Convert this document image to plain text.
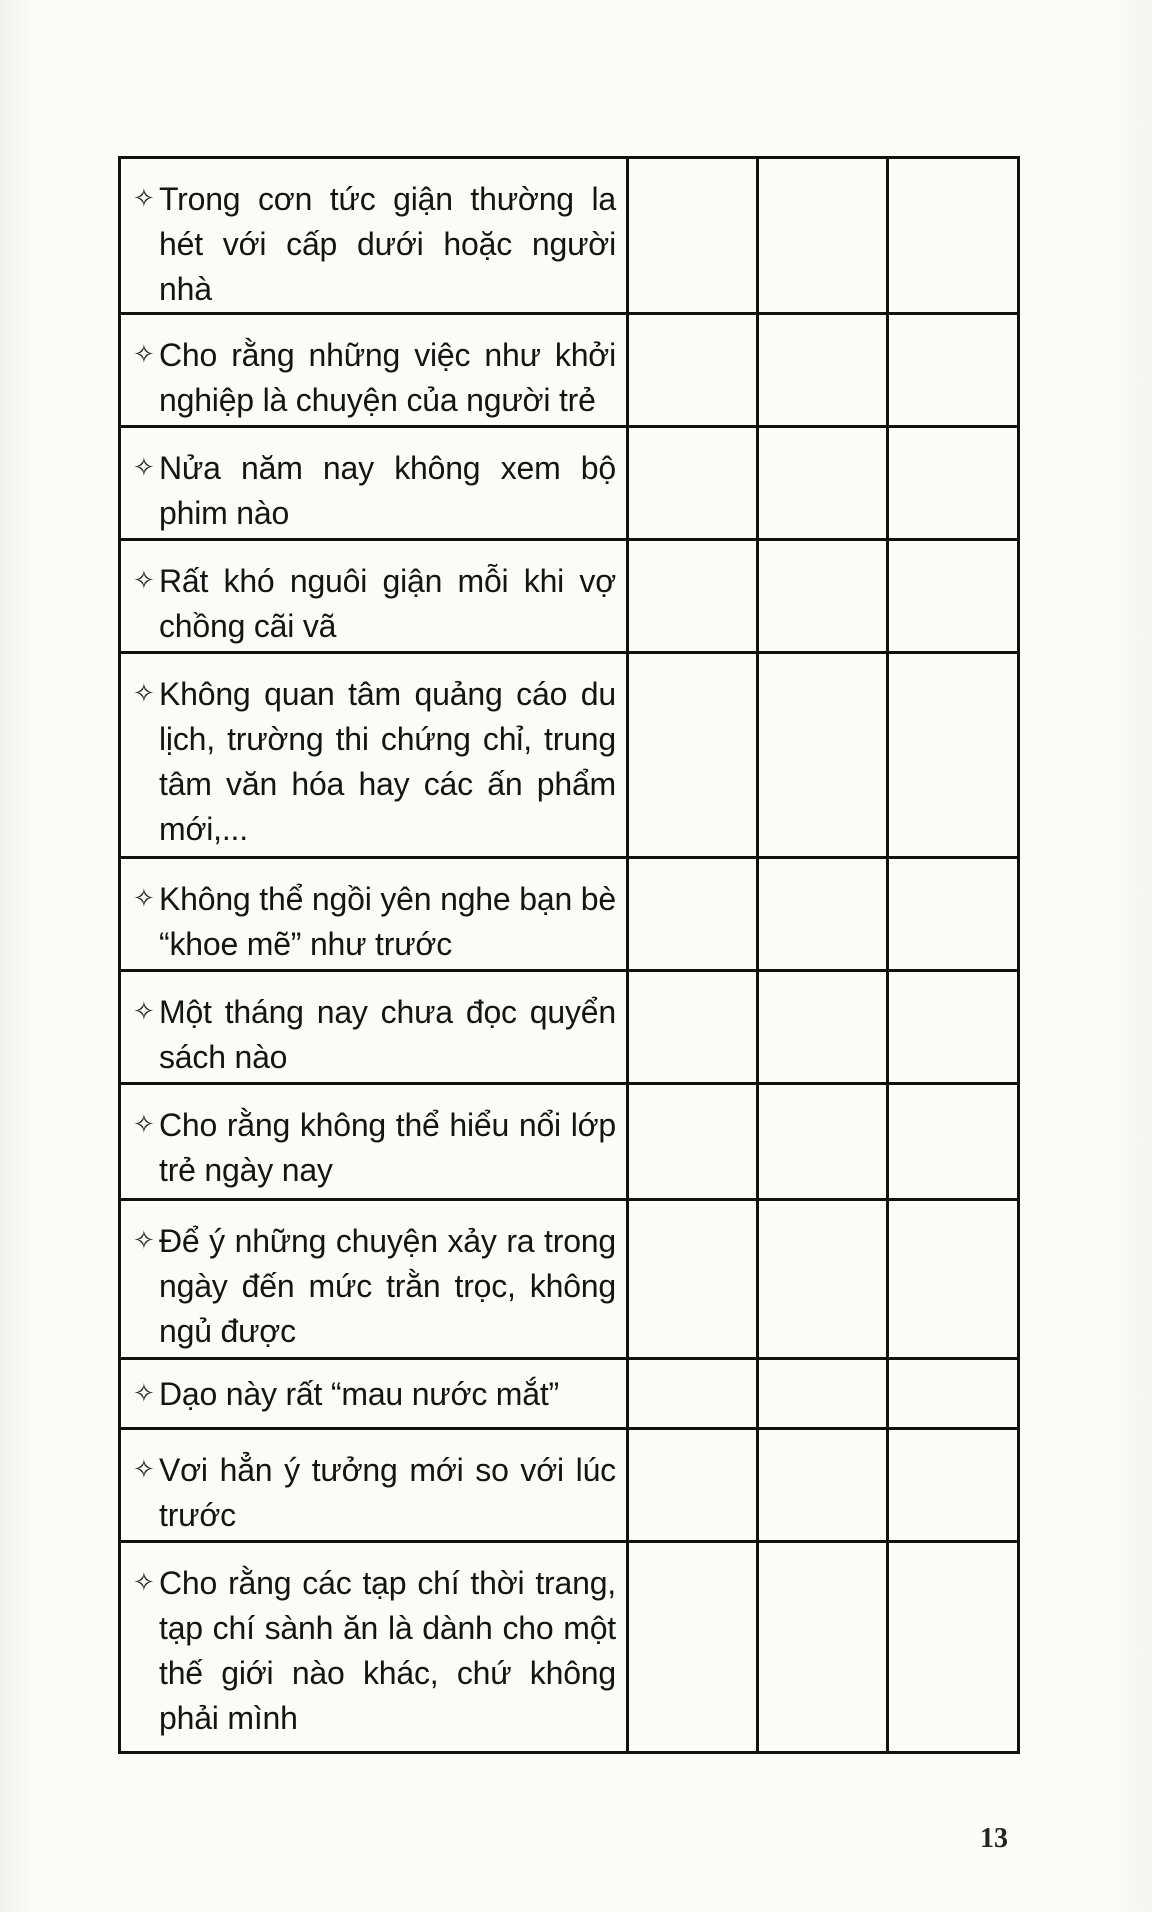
✧ Trong cơn tức giận thường la hét với cấp dưới hoặc người nhà			

✧ Cho rằng những việc như khởi nghiệp là chuyện của người trẻ			

✧ Nửa năm nay không xem bộ phim nào			

✧ Rất khó nguôi giận mỗi khi vợ chồng cãi vã			

✧ Không quan tâm quảng cáo du lịch, trường thi chứng chỉ, trung tâm văn hóa hay các ấn phẩm mới,...			

✧ Không thể ngồi yên nghe bạn bè “khoe mẽ” như trước			

✧ Một tháng nay chưa đọc quyển sách nào			

✧ Cho rằng không thể hiểu nổi lớp trẻ ngày nay			

✧ Để ý những chuyện xảy ra trong ngày đến mức trằn trọc, không ngủ được			

✧ Dạo này rất “mau nước mắt”			

✧ Vơi hẳn ý tưởng mới so với lúc trước			

✧ Cho rằng các tạp chí thời trang, tạp chí sành ăn là dành cho một thế giới nào khác, chứ không phải mình			

13
